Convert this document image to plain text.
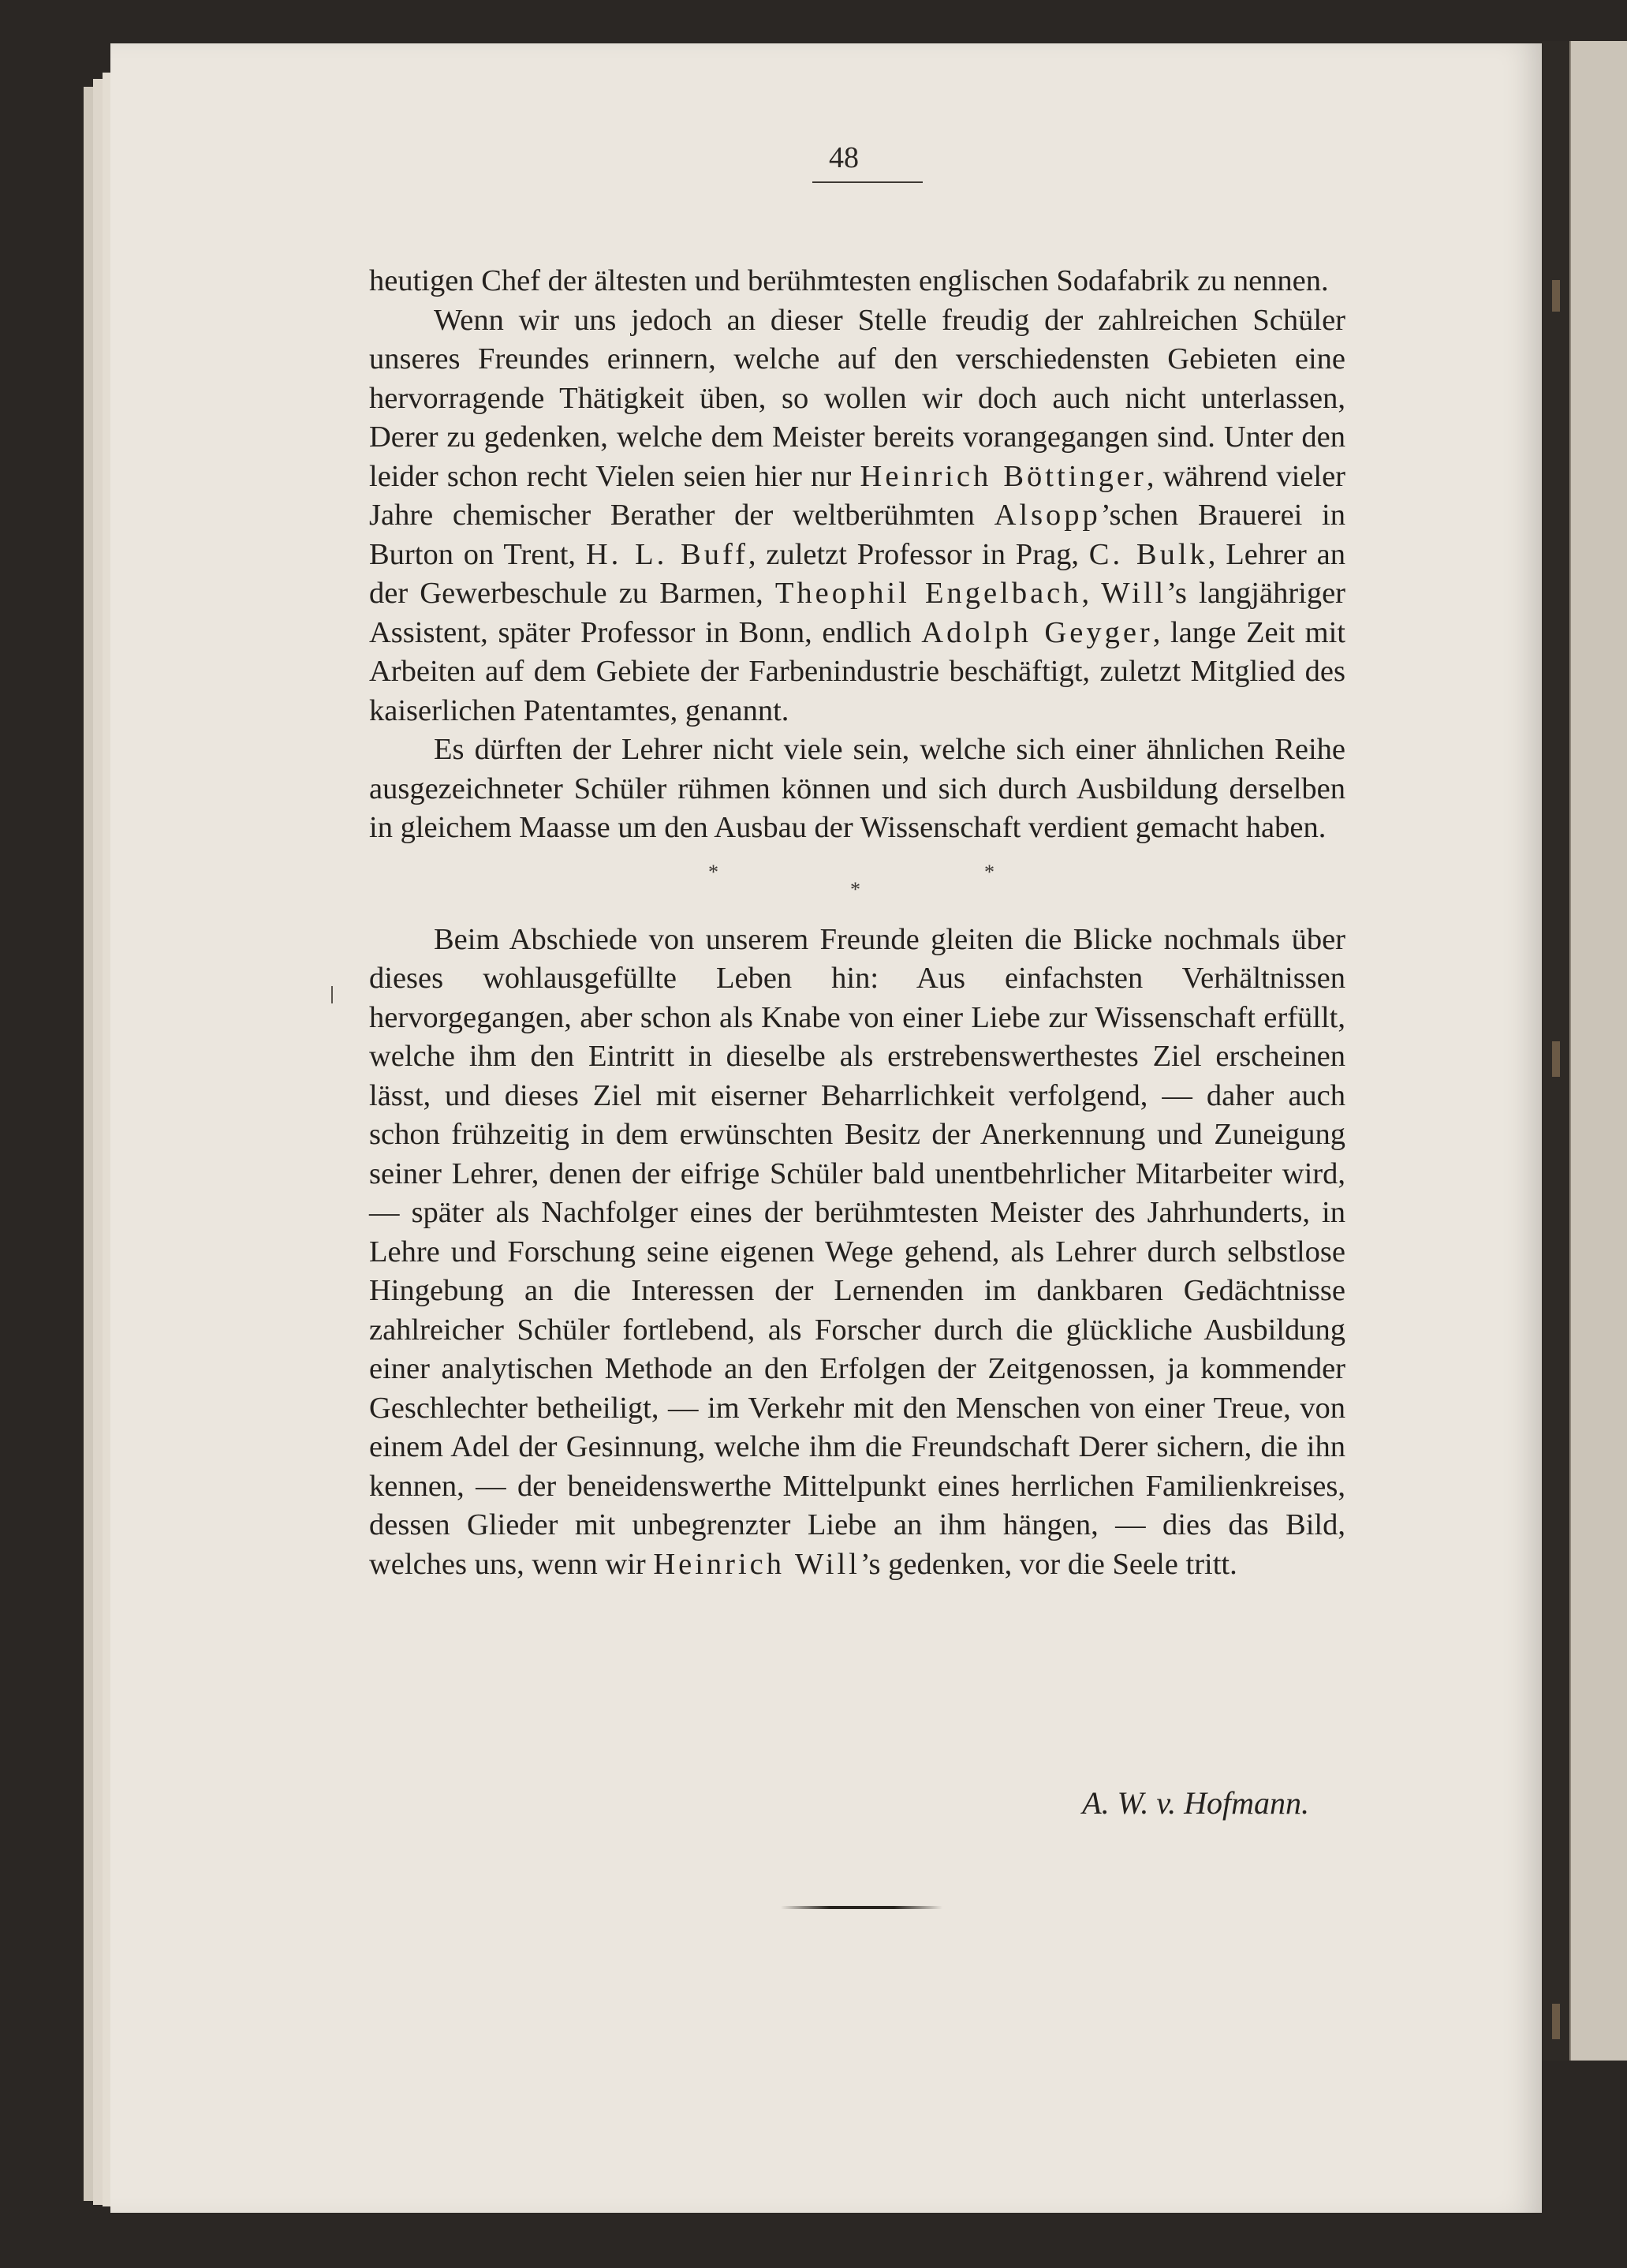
48

heutigen Chef der ältesten und berühmtesten englischen Sodafabrik zu nennen.

Wenn wir uns jedoch an dieser Stelle freudig der zahlreichen Schüler unseres Freundes erinnern, welche auf den verschiedensten Gebieten eine hervorragende Thätigkeit üben, so wollen wir doch auch nicht unterlassen, Derer zu gedenken, welche dem Meister bereits vorangegangen sind. Unter den leider schon recht Vielen seien hier nur Heinrich Böttinger, während vieler Jahre chemischer Berather der weltberühmten Alsopp’schen Brauerei in Burton on Trent, H. L. Buff, zuletzt Professor in Prag, C. Bulk, Lehrer an der Gewerbeschule zu Barmen, Theophil Engelbach, Will’s langjähriger Assistent, später Professor in Bonn, endlich Adolph Geyger, lange Zeit mit Arbeiten auf dem Gebiete der Farbenindustrie beschäftigt, zuletzt Mitglied des kaiserlichen Patentamtes, genannt.

Es dürften der Lehrer nicht viele sein, welche sich einer ähnlichen Reihe ausgezeichneter Schüler rühmen können und sich durch Ausbildung derselben in gleichem Maasse um den Ausbau der Wissenschaft verdient gemacht haben.

*	*
*

Beim Abschiede von unserem Freunde gleiten die Blicke nochmals über dieses wohlausgefüllte Leben hin: Aus einfachsten Verhältnissen hervorgegangen, aber schon als Knabe von einer Liebe zur Wissenschaft erfüllt, welche ihm den Eintritt in dieselbe als erstrebenswerthestes Ziel erscheinen lässt, und dieses Ziel mit eiserner Beharrlichkeit verfolgend, — daher auch schon frühzeitig in dem erwünschten Besitz der Anerkennung und Zuneigung seiner Lehrer, denen der eifrige Schüler bald unentbehrlicher Mitarbeiter wird, — später als Nachfolger eines der berühmtesten Meister des Jahrhunderts, in Lehre und Forschung seine eigenen Wege gehend, als Lehrer durch selbstlose Hingebung an die Interessen der Lernenden im dankbaren Gedächtnisse zahlreicher Schüler fortlebend, als Forscher durch die glückliche Ausbildung einer analytischen Methode an den Erfolgen der Zeitgenossen, ja kommender Geschlechter betheiligt, — im Verkehr mit den Menschen von einer Treue, von einem Adel der Gesinnung, welche ihm die Freundschaft Derer sichern, die ihn kennen, — der beneidenswerthe Mittelpunkt eines herrlichen Familienkreises, dessen Glieder mit unbegrenzter Liebe an ihm hängen, — dies das Bild, welches uns, wenn wir Heinrich Will’s gedenken, vor die Seele tritt.

A. W. v. Hofmann.
